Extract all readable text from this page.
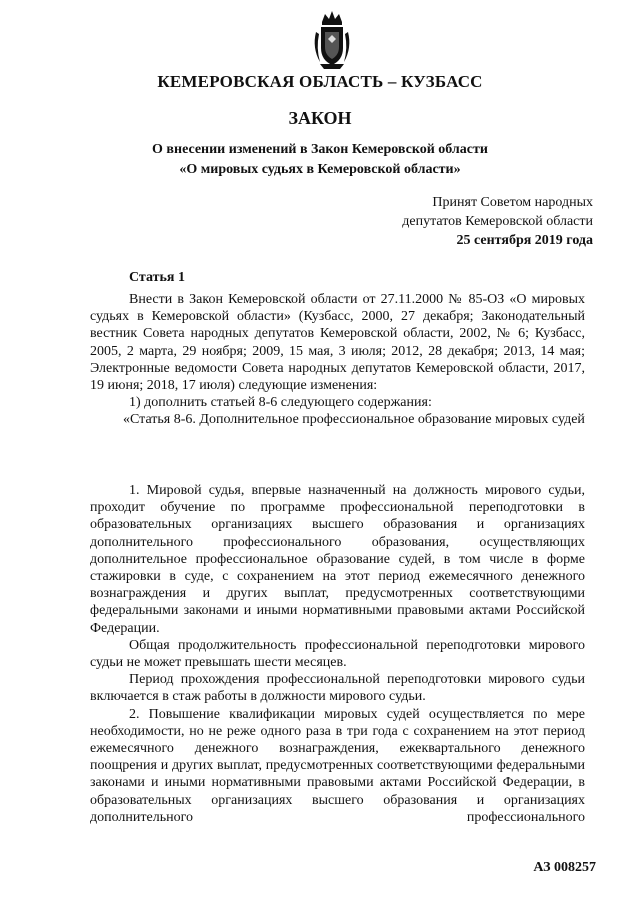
КЕМЕРОВСКАЯ ОБЛАСТЬ – КУЗБАСС
ЗАКОН
О внесении изменений в Закон Кемеровской области
«О мировых судьях в Кемеровской области»
Принят Советом народных
депутатов Кемеровской области
25 сентября 2019 года
Статья 1

Внести в Закон Кемеровской области от 27.11.2000 № 85-ОЗ «О мировых судьях в Кемеровской области» (Кузбасс, 2000, 27 декабря; Законодательный вестник Совета народных депутатов Кемеровской области, 2002, № 6; Кузбасс, 2005, 2 марта, 29 ноября; 2009, 15 мая, 3 июля; 2012, 28 декабря; 2013, 14 мая; Электронные ведомости Совета народных депутатов Кемеровской области, 2017, 19 июня; 2018, 17 июля) следующие изменения:

1) дополнить статьей 8-6 следующего содержания:

«Статья 8-6. Дополнительное профессиональное образование мировых судей

1. Мировой судья, впервые назначенный на должность мирового судьи, проходит обучение по программе профессиональной переподготовки в образовательных организациях высшего образования и организациях дополнительного профессионального образования, осуществляющих дополнительное профессиональное образование судей, в том числе в форме стажировки в суде, с сохранением на этот период ежемесячного денежного вознаграждения и других выплат, предусмотренных соответствующими федеральными законами и иными нормативными правовыми актами Российской Федерации.

Общая продолжительность профессиональной переподготовки мирового судьи не может превышать шести месяцев.

Период прохождения профессиональной переподготовки мирового судьи включается в стаж работы в должности мирового судьи.

2. Повышение квалификации мировых судей осуществляется по мере необходимости, но не реже одного раза в три года с сохранением на этот период ежемесячного денежного вознаграждения, ежеквартального денежного поощрения и других выплат, предусмотренных соответствующими федеральными законами и иными нормативными правовыми актами Российской Федерации, в образовательных организациях высшего образования и организациях дополнительного профессионального

АЗ 008257
